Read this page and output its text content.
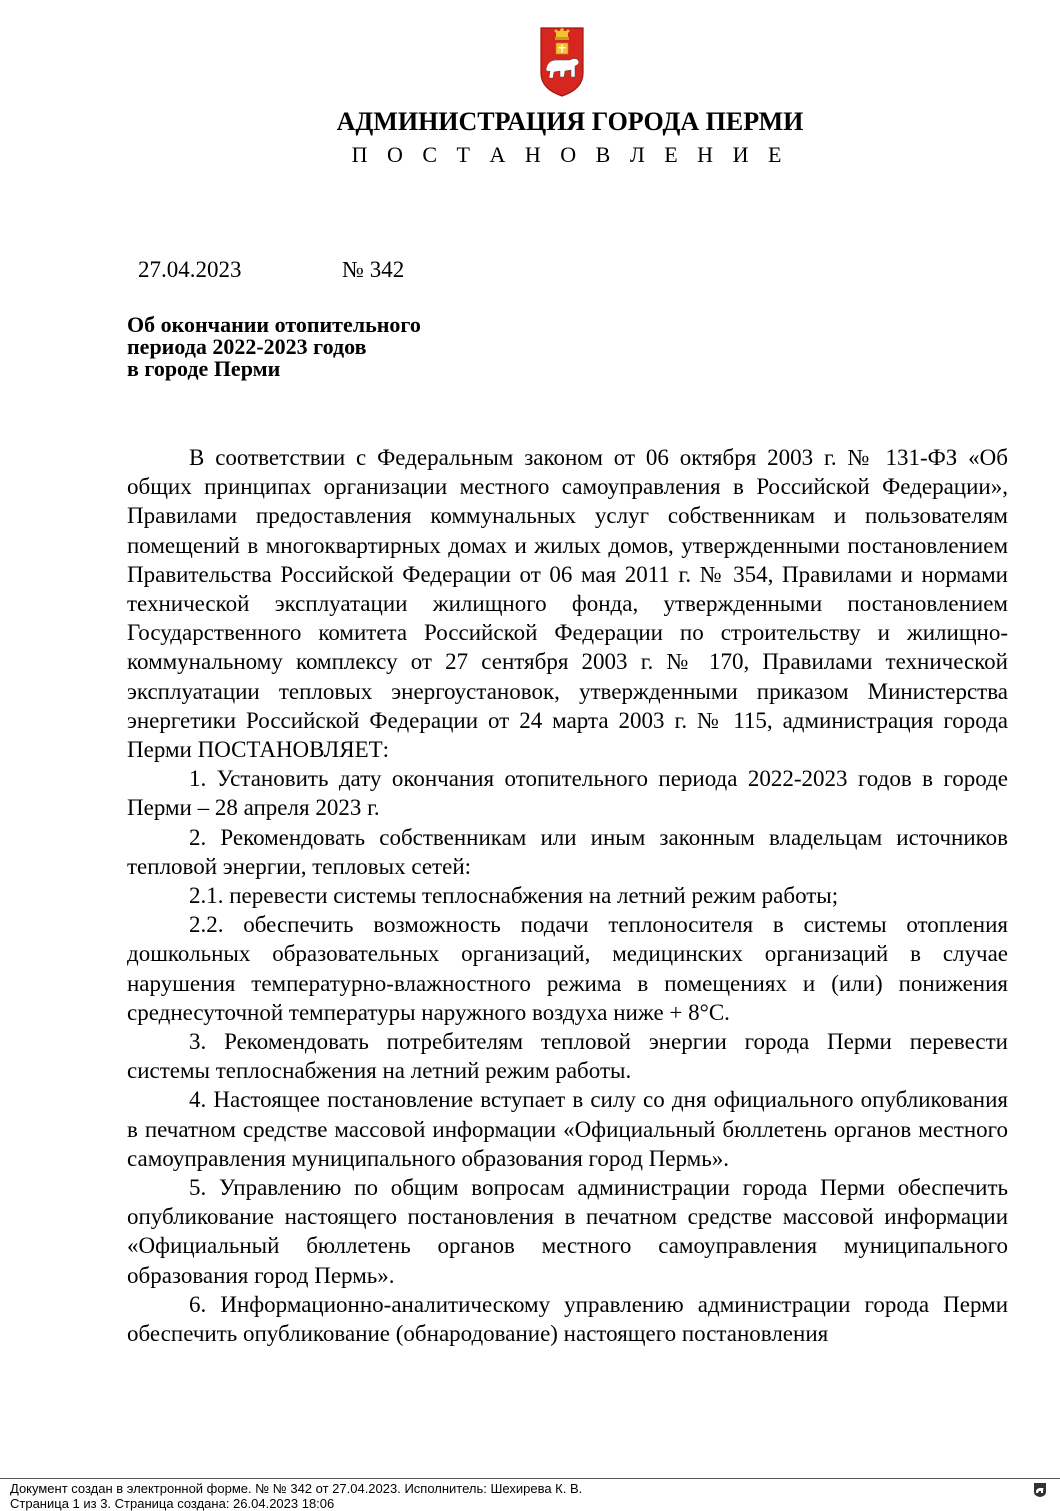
АДМИНИСТРАЦИЯ ГОРОДА ПЕРМИ
П О С Т А Н О В Л Е Н И Е
27.04.2023	№ 342
Об окончании отопительного
периода 2022-2023 годов
в городе Перми

В соответствии с Федеральным законом от 06 октября 2003 г. № 131-ФЗ «Об общих принципах организации местного самоуправления в Российской Федерации», Правилами предоставления коммунальных услуг собственникам и пользователям помещений в многоквартирных домах и жилых домов, утвержденными постановлением Правительства Российской Федерации от 06 мая 2011 г. № 354, Правилами и нормами технической эксплуатации жилищного фонда, утвержденными постановлением Государственного комитета Российской Федерации по строительству и жилищно-коммунальному комплексу от 27 сентября 2003 г. № 170, Правилами технической эксплуатации тепловых энергоустановок, утвержденными приказом Министерства энергетики Российской Федерации от 24 марта 2003 г. № 115, администрация города Перми ПОСТАНОВЛЯЕТ:

1. Установить дату окончания отопительного периода 2022-2023 годов в городе Перми – 28 апреля 2023 г.

2. Рекомендовать собственникам или иным законным владельцам источников тепловой энергии, тепловых сетей:

2.1. перевести системы теплоснабжения на летний режим работы;

2.2. обеспечить возможность подачи теплоносителя в системы отопления дошкольных образовательных организаций, медицинских организаций в случае нарушения температурно-влажностного режима в помещениях и (или) понижения среднесуточной температуры наружного воздуха ниже + 8°С.

3. Рекомендовать потребителям тепловой энергии города Перми перевести системы теплоснабжения на летний режим работы.

4. Настоящее постановление вступает в силу со дня официального опубликования в печатном средстве массовой информации «Официальный бюллетень органов местного самоуправления муниципального образования город Пермь».

5. Управлению по общим вопросам администрации города Перми обеспечить опубликование настоящего постановления в печатном средстве массовой информации «Официальный бюллетень органов местного самоуправления муниципального образования город Пермь».

6. Информационно-аналитическому управлению администрации города Перми обеспечить опубликование (обнародование) настоящего постановления

Документ создан в электронной форме. № № 342 от 27.04.2023. Исполнитель: Шехирева К. В.
Страница 1 из 3. Страница создана: 26.04.2023 18:06
